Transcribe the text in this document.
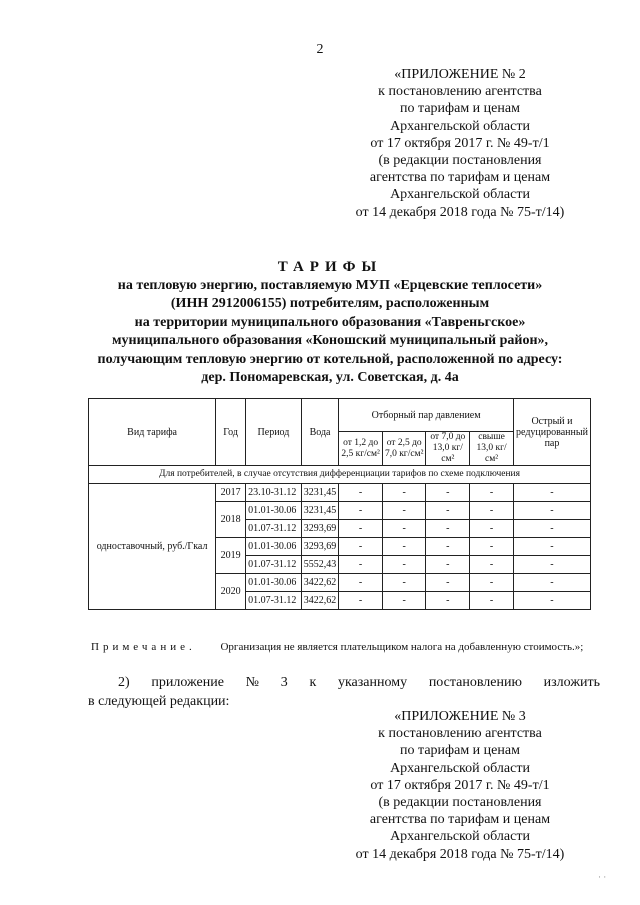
2
«ПРИЛОЖЕНИЕ № 2
к постановлению агентства
по тарифам и ценам
Архангельской области
от 17 октября 2017 г. № 49-т/1
(в редакции постановления
агентства по тарифам и ценам
Архангельской области
от 14 декабря 2018 года № 75-т/14)
ТАРИФЫ
на тепловую энергию, поставляемую МУП «Ерцевские теплосети»
(ИНН 2912006155) потребителям, расположенным
на территории муниципального образования «Тавреньгское»
муниципального образования «Коношский муниципальный район»,
получающим тепловую энергию от котельной, расположенной по адресу:
дер. Пономаревская, ул. Советская, д. 4а
Вид тарифа	Год	Период	Вода	Отборный пар давлением				Острый и редуцированный пар
				от 1,2 до 2,5 кг/см²	от 2,5 до 7,0 кг/см²	от 7,0 до 13,0 кг/см²	свыше 13,0 кг/см²	
Для потребителей, в случае отсутствия дифференциации тарифов по схеме подключения								
одноставочный, руб./Гкал	2017	23.10-31.12	3231,45	-	-	-	-	-
	2018	01.01-30.06	3231,45	-	-	-	-	-
		01.07-31.12	3293,69	-	-	-	-	-
	2019	01.01-30.06	3293,69	-	-	-	-	-
		01.07-31.12	5552,43	-	-	-	-	-
	2020	01.01-30.06	3422,62	-	-	-	-	-
		01.07-31.12	3422,62	-	-	-	-	-
Примечание. Организация не является плательщиком налога на добавленную стоимость.»;
2) приложение № 3 к указанному постановлению изложить
в следующей редакции:
«ПРИЛОЖЕНИЕ № 3
к постановлению агентства
по тарифам и ценам
Архангельской области
от 17 октября 2017 г. № 49-т/1
(в редакции постановления
агентства по тарифам и ценам
Архангельской области
от 14 декабря 2018 года № 75-т/14)
· ·
